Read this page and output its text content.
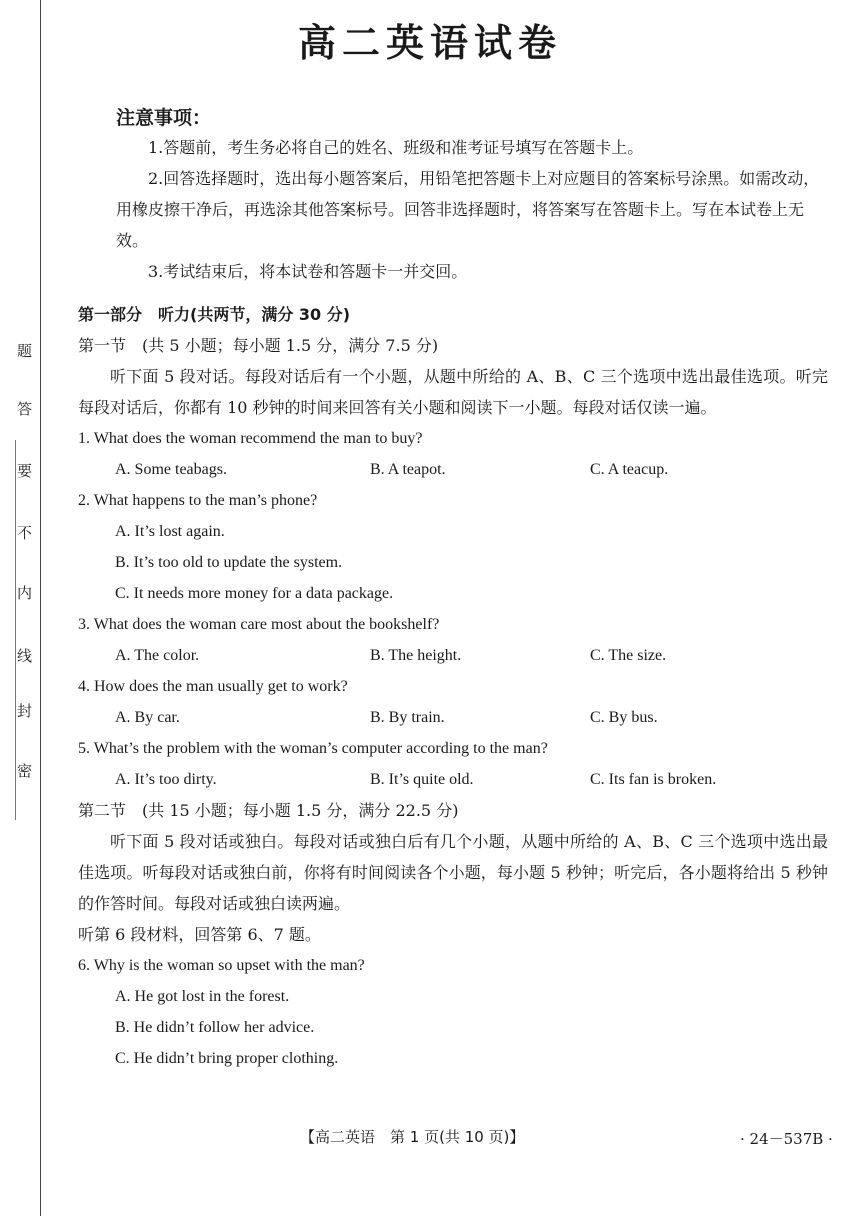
题
答
要
不
内
线
封
密
高二英语试卷
注意事项：

1.答题前，考生务必将自己的姓名、班级和准考证号填写在答题卡上。

2.回答选择题时，选出每小题答案后，用铅笔把答题卡上对应题目的答案标号涂黑。如需改动，用橡皮擦干净后，再选涂其他答案标号。回答非选择题时，将答案写在答题卡上。写在本试卷上无效。

3.考试结束后，将本试卷和答题卡一并交回。

第一部分　听力(共两节，满分 30 分)
第一节　(共 5 小题；每小题 1.5 分，满分 7.5 分)

听下面 5 段对话。每段对话后有一个小题，从题中所给的 A、B、C 三个选项中选出最佳选项。听完每段对话后，你都有 10 秒钟的时间来回答有关小题和阅读下一小题。每段对话仅读一遍。

1. What does the woman recommend the man to buy?
A. Some teabags.	B. A teapot.	C. A teacup.
2. What happens to the man’s phone?
A. It’s lost again.
B. It’s too old to update the system.
C. It needs more money for a data package.
3. What does the woman care most about the bookshelf?
A. The color.	B. The height.	C. The size.
4. How does the man usually get to work?
A. By car.	B. By train.	C. By bus.
5. What’s the problem with the woman’s computer according to the man?
A. It’s too dirty.	B. It’s quite old.	C. Its fan is broken.
第二节　(共 15 小题；每小题 1.5 分，满分 22.5 分)

听下面 5 段对话或独白。每段对话或独白后有几个小题，从题中所给的 A、B、C 三个选项中选出最佳选项。听每段对话或独白前，你将有时间阅读各个小题，每小题 5 秒钟；听完后，各小题将给出 5 秒钟的作答时间。每段对话或独白读两遍。

听第 6 段材料，回答第 6、7 题。
6. Why is the woman so upset with the man?
A. He got lost in the forest.
B. He didn’t follow her advice.
C. He didn’t bring proper clothing.
【高二英语　第 1 页(共 10 页)】	· 24－537B ·
